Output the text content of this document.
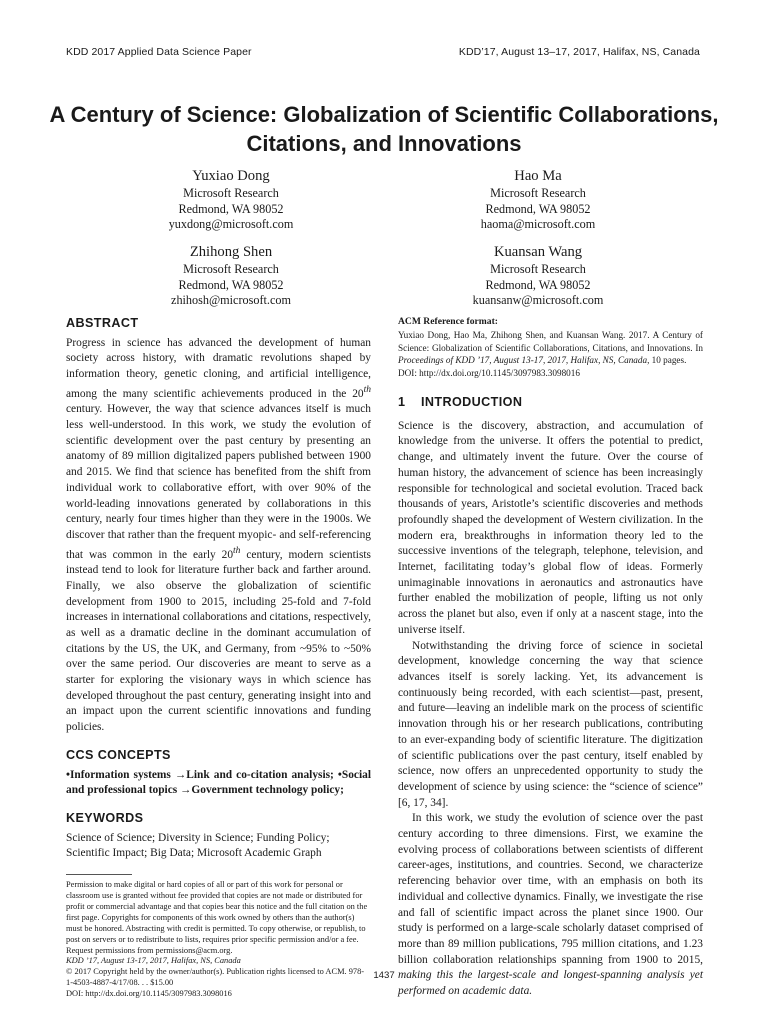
KDD 2017 Applied Data Science Paper	KDD’17, August 13–17, 2017, Halifax, NS, Canada
A Century of Science: Globalization of Scientific Collaborations,
Citations, and Innovations
Yuxiao Dong
Microsoft Research
Redmond, WA 98052
yuxdong@microsoft.com
Hao Ma
Microsoft Research
Redmond, WA 98052
haoma@microsoft.com
Zhihong Shen
Microsoft Research
Redmond, WA 98052
zhihosh@microsoft.com
Kuansan Wang
Microsoft Research
Redmond, WA 98052
kuansanw@microsoft.com
ABSTRACT

Progress in science has advanced the development of human society across history, with dramatic revolutions shaped by information theory, genetic cloning, and artificial intelligence, among the many scientific achievements produced in the 20th century. However, the way that science advances itself is much less well-understood. In this work, we study the evolution of scientific development over the past century by presenting an anatomy of 89 million digitalized papers published between 1900 and 2015. We find that science has benefited from the shift from individual work to collaborative effort, with over 90% of the world-leading innovations generated by collaborations in this century, nearly four times higher than they were in the 1900s. We discover that rather than the frequent myopic- and self-referencing that was common in the early 20th century, modern scientists instead tend to look for literature further back and farther around. Finally, we also observe the globalization of scientific development from 1900 to 2015, including 25-fold and 7-fold increases in international collaborations and citations, respectively, as well as a dramatic decline in the dominant accumulation of citations by the US, the UK, and Germany, from ~95% to ~50% over the same period. Our discoveries are meant to serve as a starter for exploring the visionary ways in which science has developed throughout the past century, generating insight into and an impact upon the current scientific innovations and funding policies.

CCS CONCEPTS

•Information systems →Link and co-citation analysis; •Social and professional topics →Government technology policy;

KEYWORDS

Science of Science; Diversity in Science; Funding Policy; Scientific Impact; Big Data; Microsoft Academic Graph

Permission to make digital or hard copies of all or part of this work for personal or classroom use is granted without fee provided that copies are not made or distributed for profit or commercial advantage and that copies bear this notice and the full citation on the first page. Copyrights for components of this work owned by others than the author(s) must be honored. Abstracting with credit is permitted. To copy otherwise, or republish, to post on servers or to redistribute to lists, requires prior specific permission and/or a fee. Request permissions from permissions@acm.org.

KDD ’17, August 13-17, 2017, Halifax, NS, Canada

© 2017 Copyright held by the owner/author(s). Publication rights licensed to ACM. 978-1-4503-4887-4/17/08. . . $15.00

DOI: http://dx.doi.org/10.1145/3097983.3098016

ACM Reference format:

Yuxiao Dong, Hao Ma, Zhihong Shen, and Kuansan Wang. 2017. A Century of Science: Globalization of Scientific Collaborations, Citations, and Innovations. In Proceedings of KDD ’17, August 13-17, 2017, Halifax, NS, Canada, 10 pages.

DOI: http://dx.doi.org/10.1145/3097983.3098016

1    INTRODUCTION

Science is the discovery, abstraction, and accumulation of knowledge from the universe. It offers the potential to predict, change, and ultimately invent the future. Over the course of human history, the advancement of science has been increasingly responsible for technological and societal evolution. Traced back thousands of years, Aristotle’s scientific discoveries and methods profoundly shaped the development of Western civilization. In the modern era, breakthroughs in information theory led to the successive inventions of the telegraph, telephone, television, and Internet, facilitating today’s global flow of ideas. Formerly unimaginable innovations in aeronautics and astronautics have further enabled the mobilization of people, lifting us not only across the planet but also, even if only at a nascent stage, into the universe itself.

Notwithstanding the driving force of science in societal development, knowledge concerning the way that science advances itself is sorely lacking. Yet, its advancement is continuously being recorded, with each scientist—past, present, and future—leaving an indelible mark on the process of scientific innovation through his or her research publications, contributing to an ever-expanding body of scientific literature. The digitization of scientific publications over the past century, itself enabled by science, now offers an unprecedented opportunity to study the development of science by using science: the “science of science” [6, 17, 34].

In this work, we study the evolution of science over the past century according to three dimensions. First, we examine the evolving process of collaborations between scientists of different career-ages, institutions, and countries. Second, we characterize referencing behavior over time, with an emphasis on both its individual and collective dynamics. Finally, we investigate the rise and fall of scientific impact across the planet since 1900. Our study is performed on a large-scale scholarly dataset comprised of more than 89 million publications, 795 million citations, and 1.23 billion collaboration relationships spanning from 1900 to 2015, making this the largest-scale and longest-spanning analysis yet performed on academic data.

1437
